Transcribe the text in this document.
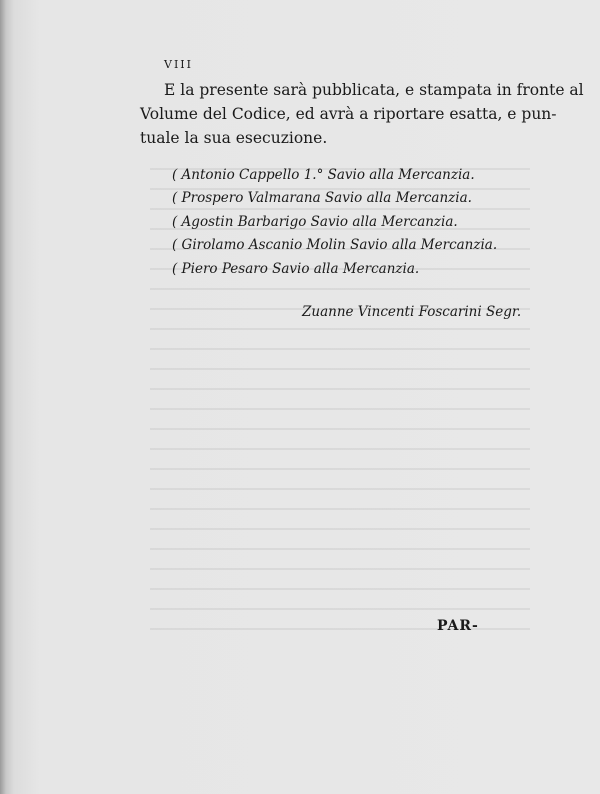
VIII

E la presente sarà pubblicata, e stampata in fronte al
Volume del Codice, ed avrà a riportare esatta, e pun-
tuale la sua esecuzione.

( Antonio Cappello 1.° Savio alla Mercanzia.
( Prospero Valmarana Savio alla Mercanzia.
( Agostin Barbarigo Savio alla Mercanzia.
( Girolamo Ascanio Molin Savio alla Mercanzia.
( Piero Pesaro Savio alla Mercanzia.
Zuanne Vincenti Foscarini Segr.
PAR-
